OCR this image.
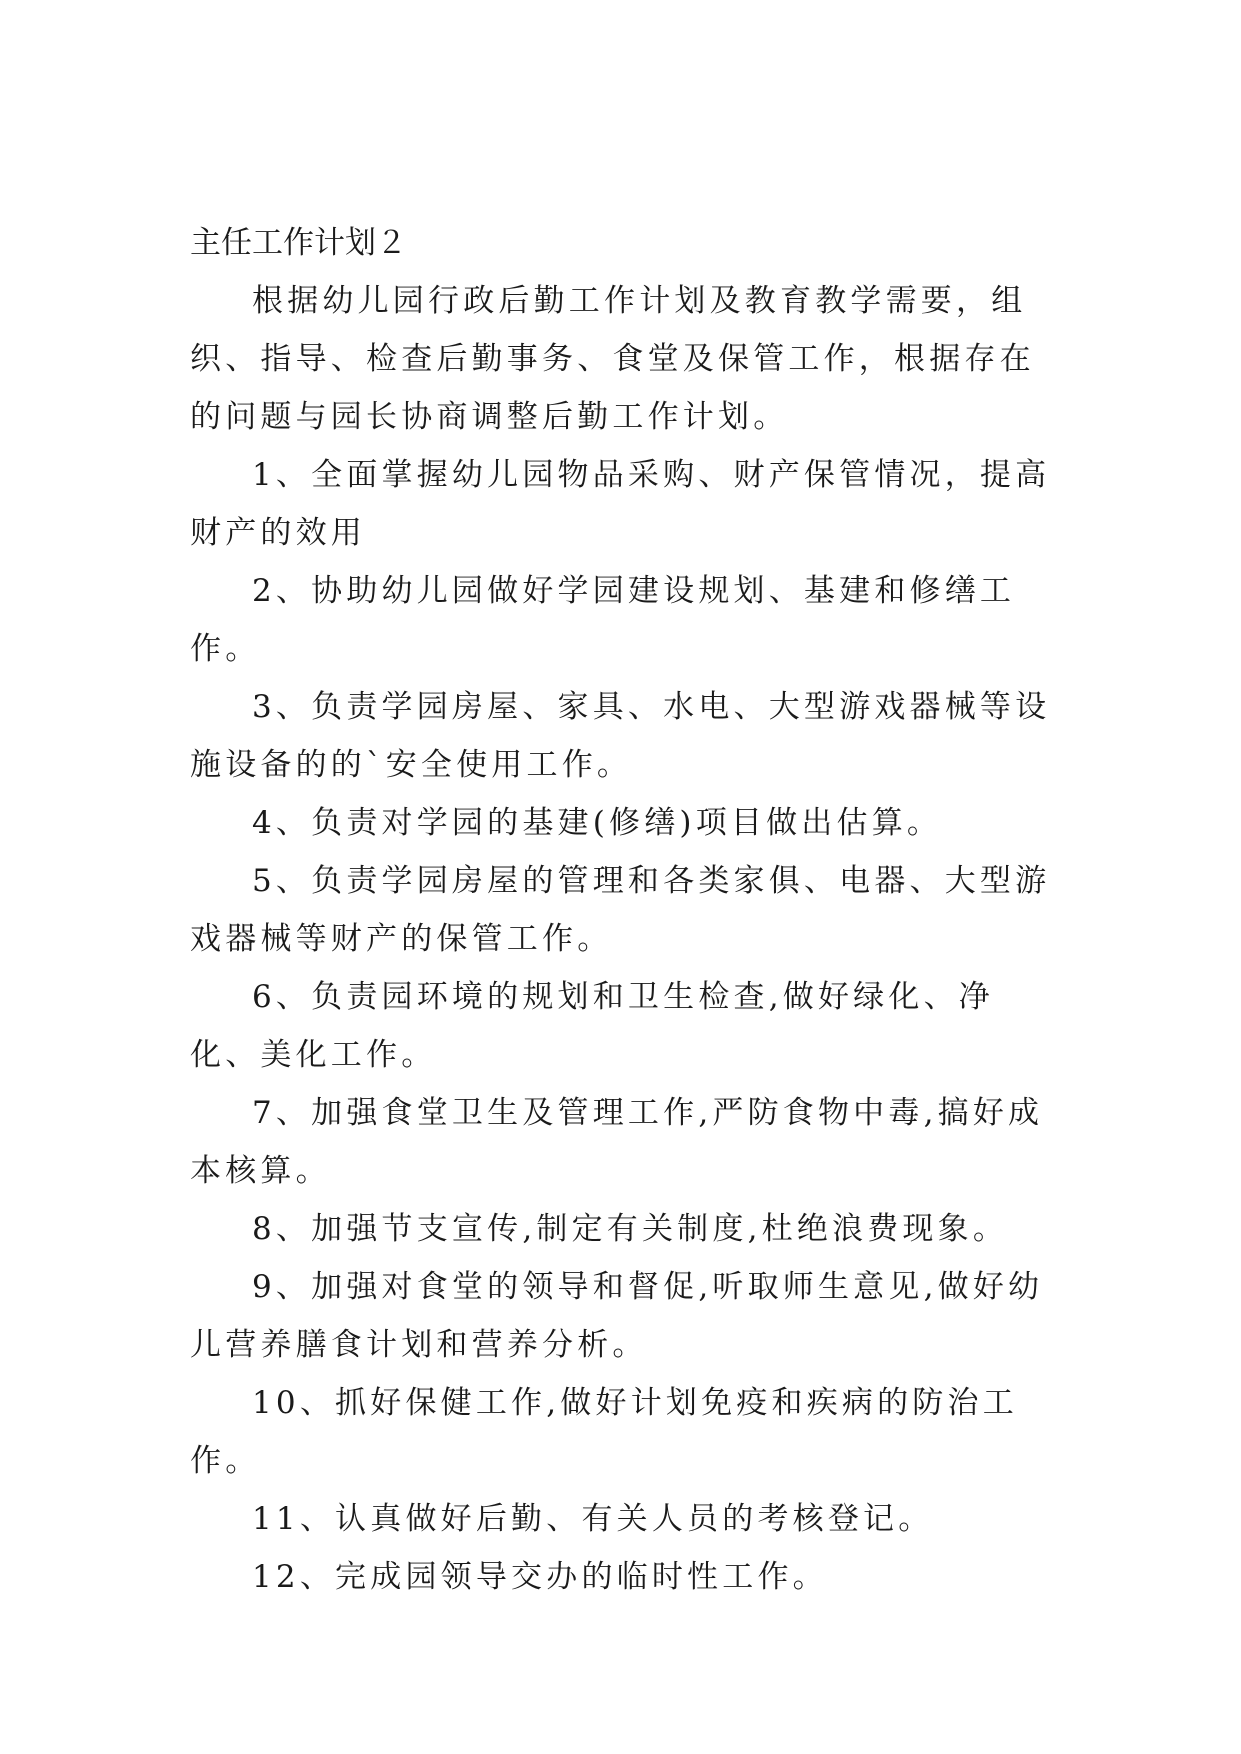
主任工作计划２

根据幼儿园行政后勤工作计划及教育教学需要，组织、指导、检查后勤事务、食堂及保管工作，根据存在的问题与园长协商调整后勤工作计划。

1、全面掌握幼儿园物品采购、财产保管情况，提高财产的效用

2、协助幼儿园做好学园建设规划、基建和修缮工作。

3、负责学园房屋、家具、水电、大型游戏器械等设施设备的的`安全使用工作。

4、负责对学园的基建(修缮)项目做出估算。

5、负责学园房屋的管理和各类家俱、电器、大型游戏器械等财产的保管工作。

6、负责园环境的规划和卫生检查,做好绿化、净化、美化工作。

7、加强食堂卫生及管理工作,严防食物中毒,搞好成本核算。

8、加强节支宣传,制定有关制度,杜绝浪费现象。

9、加强对食堂的领导和督促,听取师生意见,做好幼儿营养膳食计划和营养分析。

10、抓好保健工作,做好计划免疫和疾病的防治工作。

11、认真做好后勤、有关人员的考核登记。

12、完成园领导交办的临时性工作。
